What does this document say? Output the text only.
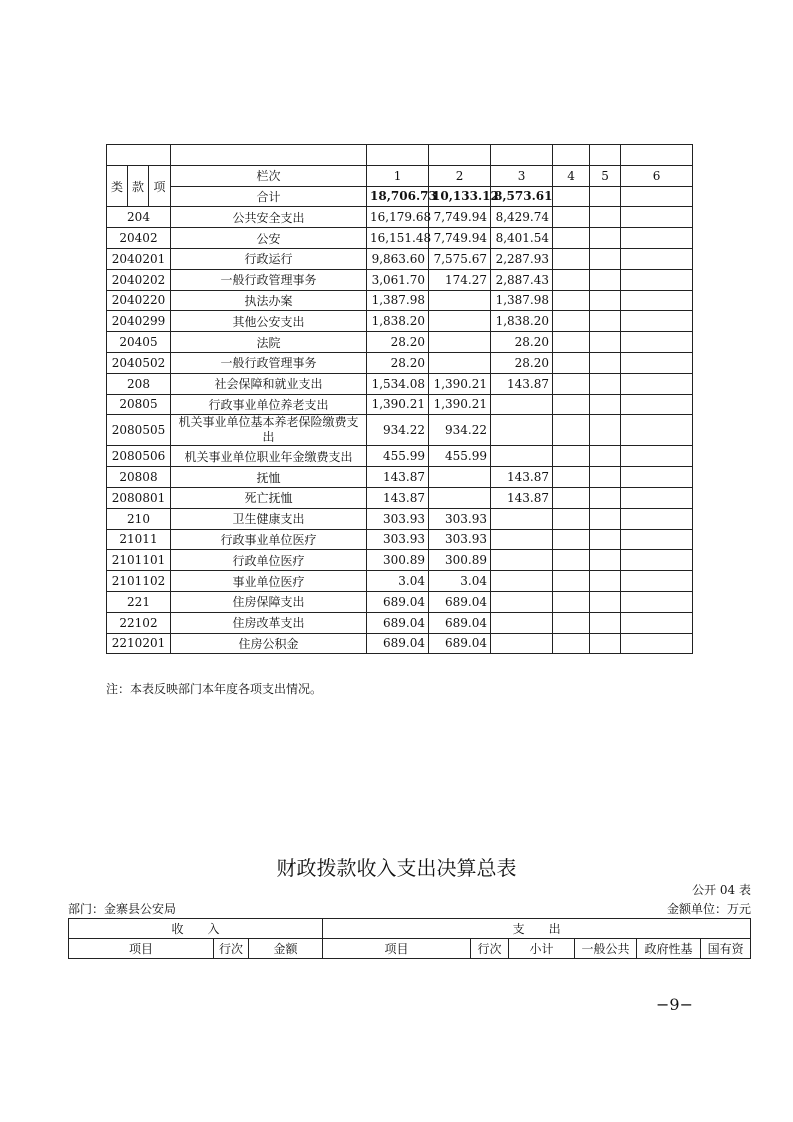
类	款	项	栏次	1	2	3	4	5	6
			合计	18,706.73	10,133.12	8,573.61			
204			公共安全支出	16,179.68	7,749.94	8,429.74			
20402			公安	16,151.48	7,749.94	8,401.54			
2040201			行政运行	9,863.60	7,575.67	2,287.93			
2040202			一般行政管理事务	3,061.70	174.27	2,887.43			
2040220			执法办案	1,387.98		1,387.98			
2040299			其他公安支出	1,838.20		1,838.20			
20405			法院	28.20		28.20			
2040502			一般行政管理事务	28.20		28.20			
208			社会保障和就业支出	1,534.08	1,390.21	143.87			
20805			行政事业单位养老支出	1,390.21	1,390.21				
2080505			机关事业单位基本养老保险缴费支出	934.22	934.22				
2080506			机关事业单位职业年金缴费支出	455.99	455.99				
20808			抚恤	143.87		143.87			
2080801			死亡抚恤	143.87		143.87			
210			卫生健康支出	303.93	303.93				
21011			行政事业单位医疗	303.93	303.93				
2101101			行政单位医疗	300.89	300.89				
2101102			事业单位医疗	3.04	3.04				
221			住房保障支出	689.04	689.04				
22102			住房改革支出	689.04	689.04				
2210201			住房公积金	689.04	689.04				
注：本表反映部门本年度各项支出情况。
财政拨款收入支出决算总表
公开 04 表
部门：金寨县公安局	金额单位：万元
收　　入			支　　出					
项目	行次	金额	项目	行次	小计	一般公共	政府性基	国有资
−9−
